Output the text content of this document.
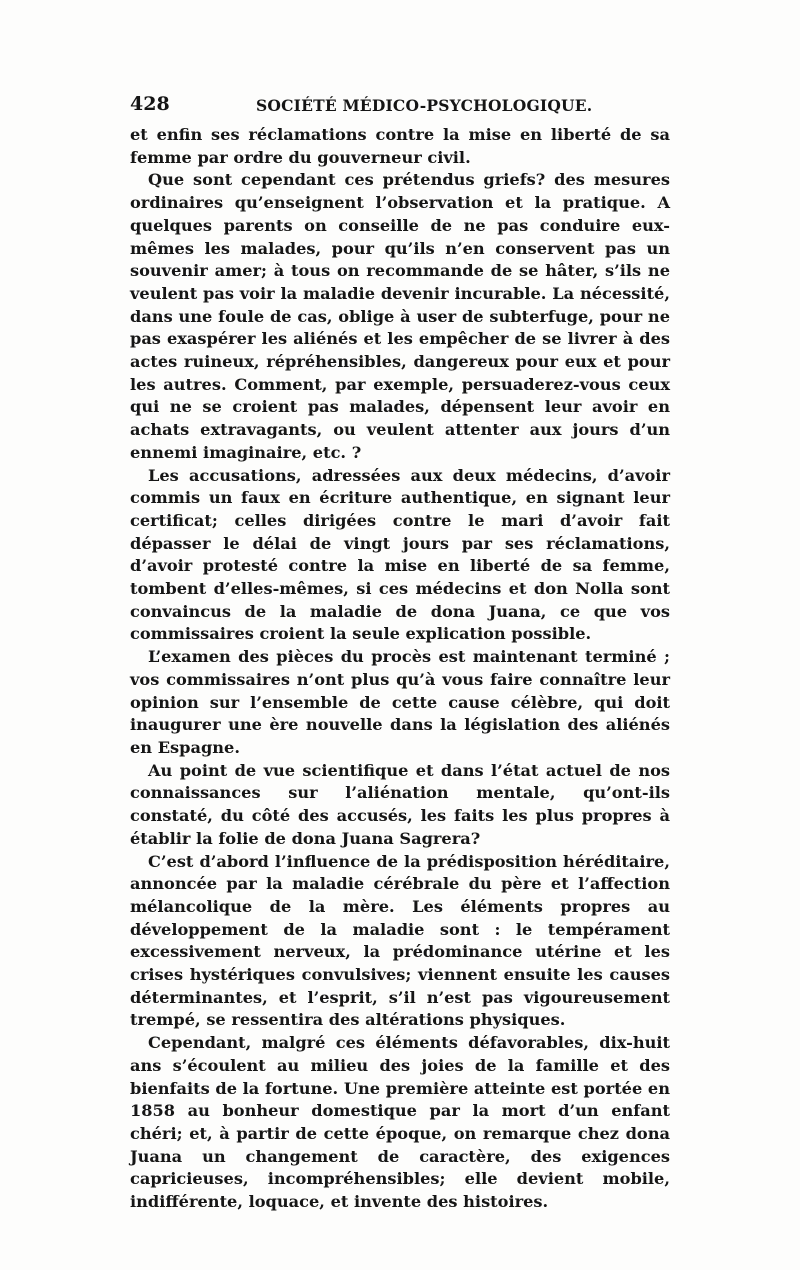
428	SOCIÉTÉ MÉDICO-PSYCHOLOGIQUE.

et enfin ses réclamations contre la mise en liberté de sa femme par ordre du gouverneur civil.

Que sont cependant ces prétendus griefs? des mesures ordinaires qu’enseignent l’observation et la pratique. A quelques parents on conseille de ne pas conduire eux-mêmes les malades, pour qu’ils n’en conservent pas un souvenir amer; à tous on recommande de se hâter, s’ils ne veulent pas voir la maladie devenir incurable. La nécessité, dans une foule de cas, oblige à user de subterfuge, pour ne pas exaspérer les aliénés et les empêcher de se livrer à des actes ruineux, répréhensibles, dangereux pour eux et pour les autres. Comment, par exemple, persuaderez-vous ceux qui ne se croient pas malades, dépensent leur avoir en achats extravagants, ou veulent attenter aux jours d’un ennemi imaginaire, etc. ?

Les accusations, adressées aux deux médecins, d’avoir commis un faux en écriture authentique, en signant leur certificat; celles dirigées contre le mari d’avoir fait dépasser le délai de vingt jours par ses réclamations, d’avoir protesté contre la mise en liberté de sa femme, tombent d’elles-mêmes, si ces médecins et don Nolla sont convaincus de la maladie de dona Juana, ce que vos commissaires croient la seule explication possible.

L’examen des pièces du procès est maintenant terminé ; vos commissaires n’ont plus qu’à vous faire connaître leur opinion sur l’ensemble de cette cause célèbre, qui doit inaugurer une ère nouvelle dans la législation des aliénés en Espagne.

Au point de vue scientifique et dans l’état actuel de nos connaissances sur l’aliénation mentale, qu’ont-ils constaté, du côté des accusés, les faits les plus propres à établir la folie de dona Juana Sagrera?

C’est d’abord l’influence de la prédisposition héréditaire, annoncée par la maladie cérébrale du père et l’affection mélancolique de la mère. Les éléments propres au développement de la maladie sont : le tempérament excessivement nerveux, la prédominance utérine et les crises hystériques convulsives; viennent ensuite les causes déterminantes, et l’esprit, s’il n’est pas vigoureusement trempé, se ressentira des altérations physiques.

Cependant, malgré ces éléments défavorables, dix-huit ans s’écoulent au milieu des joies de la famille et des bienfaits de la fortune. Une première atteinte est portée en 1858 au bonheur domestique par la mort d’un enfant chéri; et, à partir de cette époque, on remarque chez dona Juana un changement de caractère, des exigences capricieuses, incompréhensibles; elle devient mobile, indifférente, loquace, et invente des histoires.
